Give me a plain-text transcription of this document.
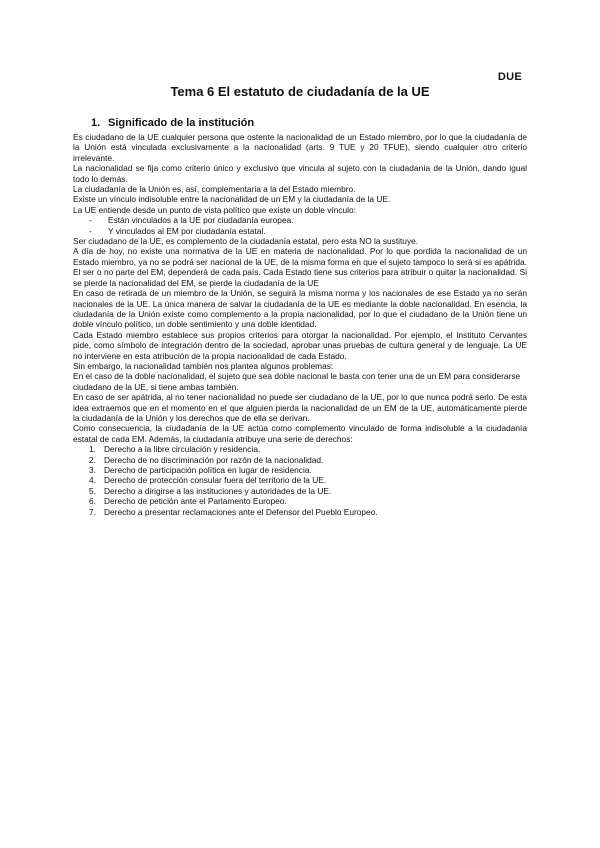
DUE
Tema 6 El estatuto de ciudadanía de la UE
1. Significado de la institución

Es ciudadano de la UE cualquier persona que ostente la nacionalidad de un Estado miembro, por lo que la ciudadanía de la Unión está vinculada exclusivamente a la nacionalidad (arts. 9 TUE y 20 TFUE), siendo cualquier otro criterio irrelevante.

La nacionalidad se fija como criterio único y exclusivo que vincula al sujeto con la ciudadanía de la Unión, dando igual todo lo demás.

La ciudadanía de la Unión es, así, complementaria a la del Estado miembro.

Existe un vínculo indisoluble entre la nacionalidad de un EM y la ciudadanía de la UE.

La UE entiende desde un punto de vista político que existe un doble vínculo:

- Están vinculados a la UE por ciudadanía europea.
- Y vinculados al EM por ciudadanía estatal.

Ser ciudadano de la UE, es complemento de la ciudadanía estatal, pero esta NO la sustituye.

A día de hoy, no existe una normativa de la UE en materia de nacionalidad. Por lo que pordida la nacionalidad de un Estado miembro, ya no se podrá ser nacional de la UE, de la misma forma en que el sujeto tampoco lo será si es apátrida. El ser o no parte del EM, dependerá de cada país. Cada Estado tiene sus criterios para atribuir o quitar la nacionalidad. Si se pierde la nacionalidad del EM, se pierde la ciudadanía de la UE

En caso de retirada de un miembro de la Unión, se seguirá la misma norma y los nacionales de ese Estado ya no serán nacionales de la UE. La única manera de salvar la ciudadanía de la UE es mediante la doble nacionalidad. En esencia, la ciudadanía de la Unión existe como complemento a la propia nacionalidad, por lo que el ciudadano de la Unión tiene un doble vínculo político, un doble sentimiento y una doble identidad.

Cada Estado miembro establece sus propios criterios para otorgar la nacionalidad. Por ejemplo, el Instituto Cervantes pide, como símbolo de integración dentro de la sociedad, aprobar unas pruebas de cultura general y de lenguaje. La UE no interviene en esta atribución de la propia nacionalidad de cada Estado.

Sin embargo, la nacionalidad también nos plantea algunos problemas:

En el caso de la doble nacionalidad, el sujeto que sea doble nacional le basta con tener una de un EM para considerarse ciudadano de la UE, si tiene ambas también.

En caso de ser apátrida, al no tener nacionalidad no puede ser ciudadano de la UE, por lo que nunca podrá serlo. De esta idea extraemos que en el momento en el que alguien pierda la nacionalidad de un EM de la UE, automáticamente pierde la ciudadanía de la Unión y los derechos que de ella se derivan.

Como consecuencia, la ciudadanía de la UE actúa como complemento vinculado de forma indisoluble a la ciudadanía estatal de cada EM. Además, la ciudadanía atribuye una serie de derechos:

1. Derecho a la libre circulación y residencia.
2. Derecho de no discriminación por razón de la nacionalidad.
3. Derecho de participación política en lugar de residencia.
4. Derecho de protección consular fuera del territorio de la UE.
5. Derecho a dirigirse a las instituciones y autoridades de la UE.
6. Derecho de petición ante el Parlamento Europeo.
7. Derecho a presentar reclamaciones ante el Defensor del Pueblo Europeo.
